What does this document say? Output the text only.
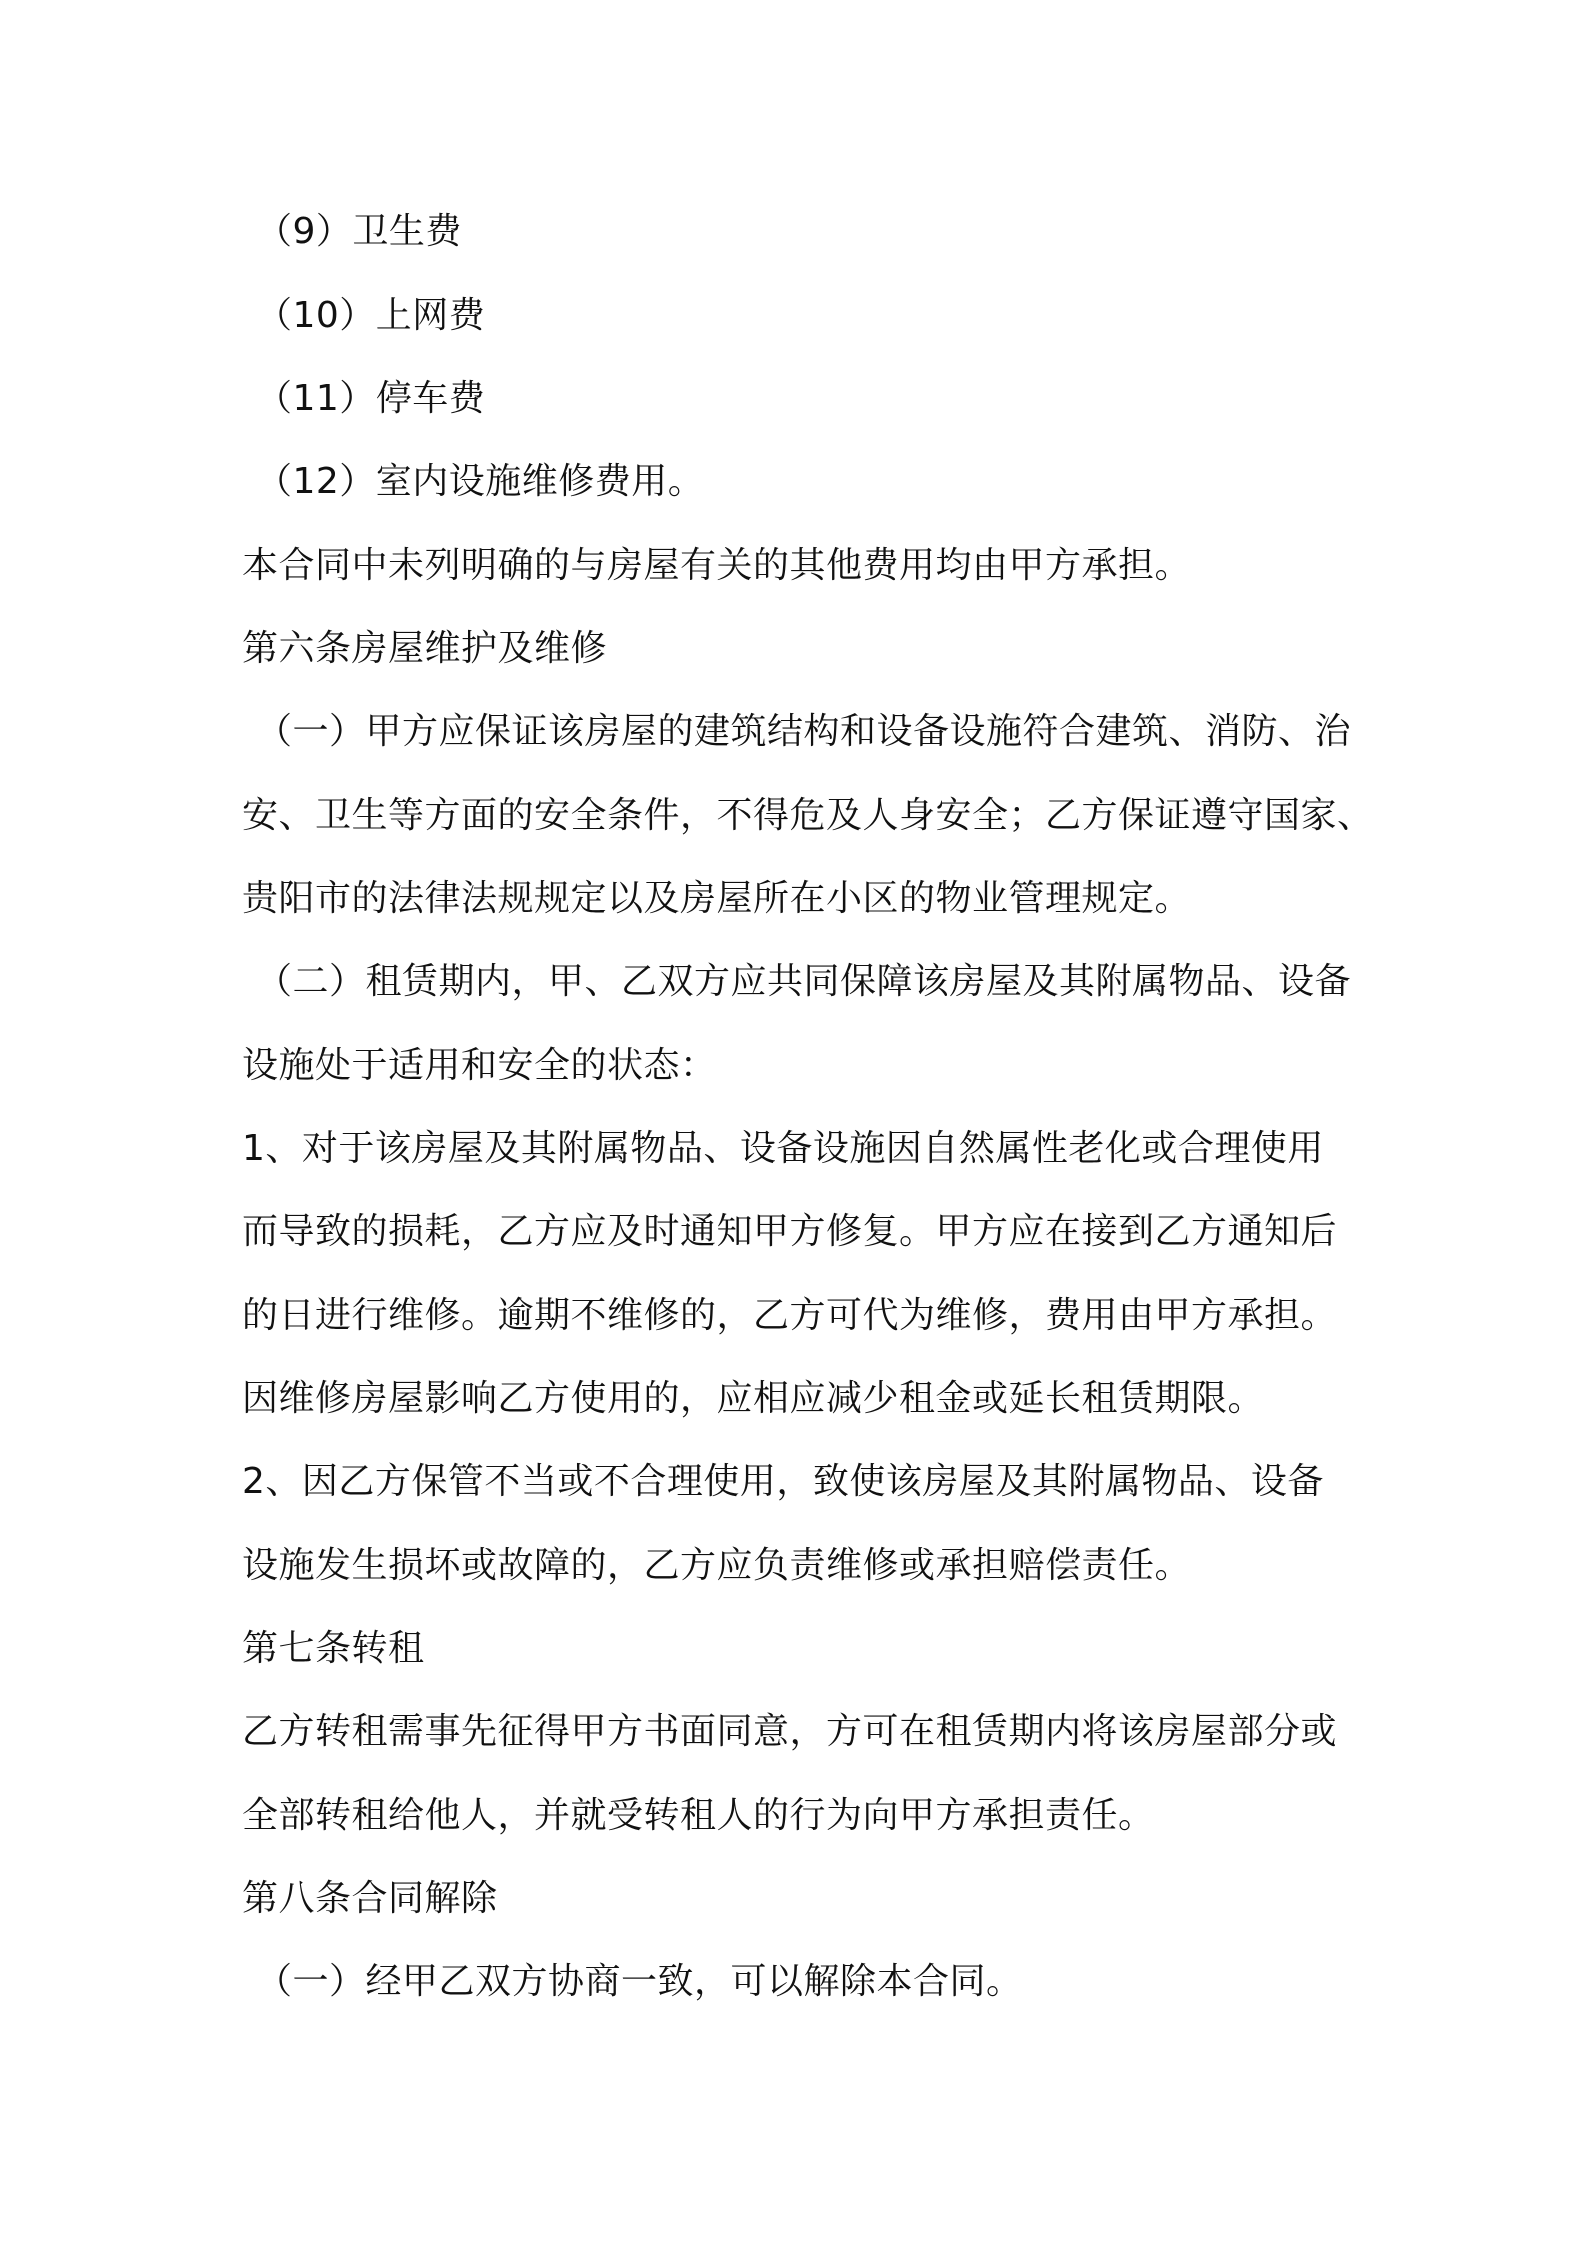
（9）卫生费
（10）上网费
（11）停车费
（12）室内设施维修费用。
本合同中未列明确的与房屋有关的其他费用均由甲方承担。
第六条房屋维护及维修
（一）甲方应保证该房屋的建筑结构和设备设施符合建筑、消防、治
安、卫生等方面的安全条件，不得危及人身安全；乙方保证遵守国家、
贵阳市的法律法规规定以及房屋所在小区的物业管理规定。
（二）租赁期内，甲、乙双方应共同保障该房屋及其附属物品、设备
设施处于适用和安全的状态：
1、对于该房屋及其附属物品、设备设施因自然属性老化或合理使用
而导致的损耗，乙方应及时通知甲方修复。甲方应在接到乙方通知后
的日进行维修。逾期不维修的，乙方可代为维修，费用由甲方承担。
因维修房屋影响乙方使用的，应相应减少租金或延长租赁期限。
2、因乙方保管不当或不合理使用，致使该房屋及其附属物品、设备
设施发生损坏或故障的，乙方应负责维修或承担赔偿责任。
第七条转租
乙方转租需事先征得甲方书面同意，方可在租赁期内将该房屋部分或
全部转租给他人，并就受转租人的行为向甲方承担责任。
第八条合同解除
（一）经甲乙双方协商一致，可以解除本合同。
